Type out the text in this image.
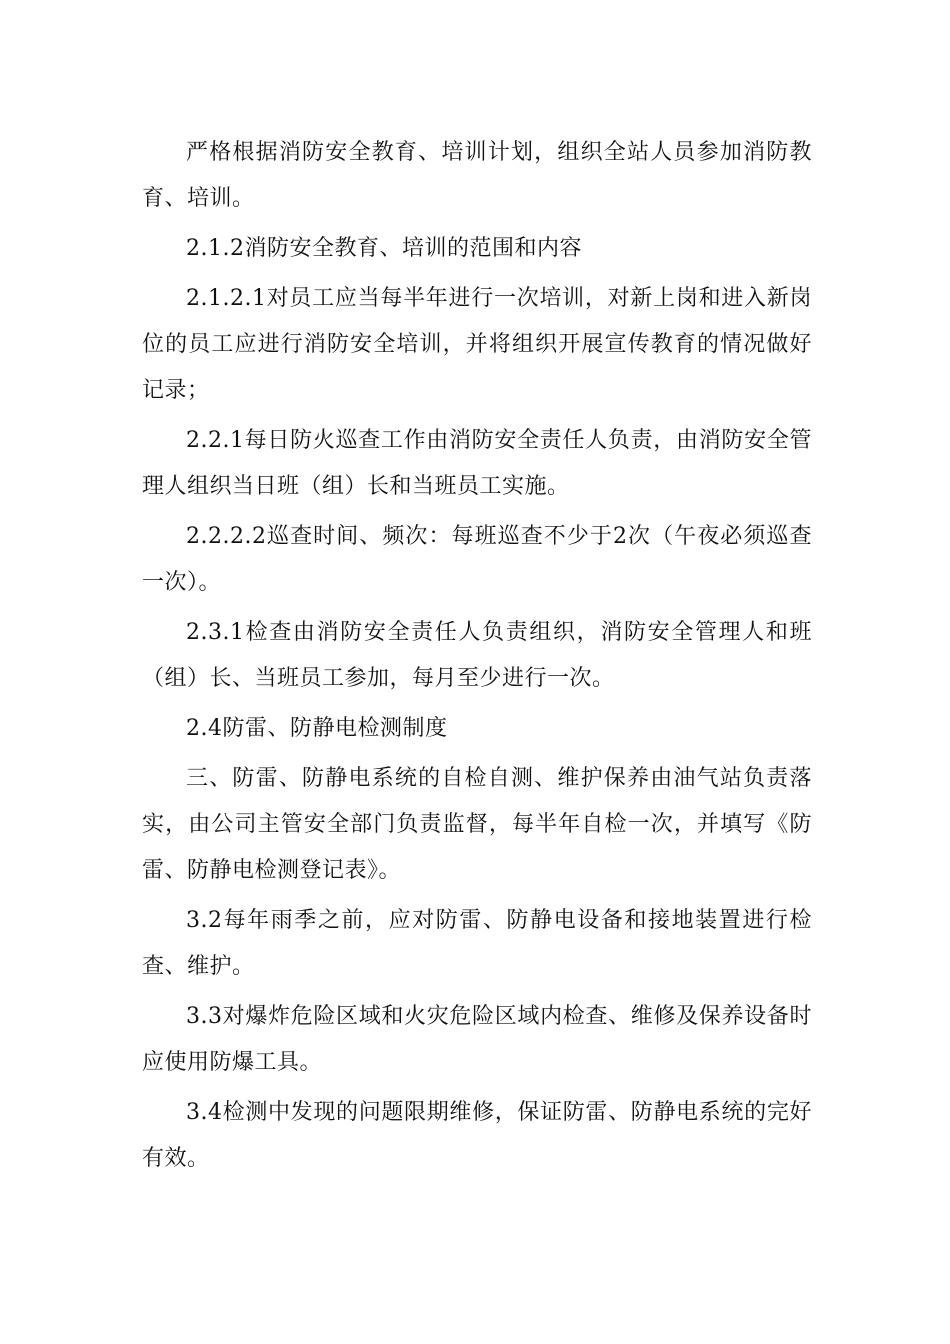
严格根据消防安全教育、培训计划，组织全站人员参加消防教育、培训。

2.1.2消防安全教育、培训的范围和内容

2.1.2.1对员工应当每半年进行一次培训，对新上岗和进入新岗位的员工应进行消防安全培训，并将组织开展宣传教育的情况做好记录；

2.2.1每日防火巡查工作由消防安全责任人负责，由消防安全管理人组织当日班（组）长和当班员工实施。

2.2.2.2巡查时间、频次：每班巡查不少于2次（午夜必须巡查一次）。

2.3.1检查由消防安全责任人负责组织，消防安全管理人和班（组）长、当班员工参加，每月至少进行一次。

2.4防雷、防静电检测制度

三、防雷、防静电系统的自检自测、维护保养由油气站负责落实，由公司主管安全部门负责监督，每半年自检一次，并填写《防雷、防静电检测登记表》。

3.2每年雨季之前，应对防雷、防静电设备和接地装置进行检查、维护。

3.3对爆炸危险区域和火灾危险区域内检查、维修及保养设备时应使用防爆工具。

3.4检测中发现的问题限期维修，保证防雷、防静电系统的完好有效。
